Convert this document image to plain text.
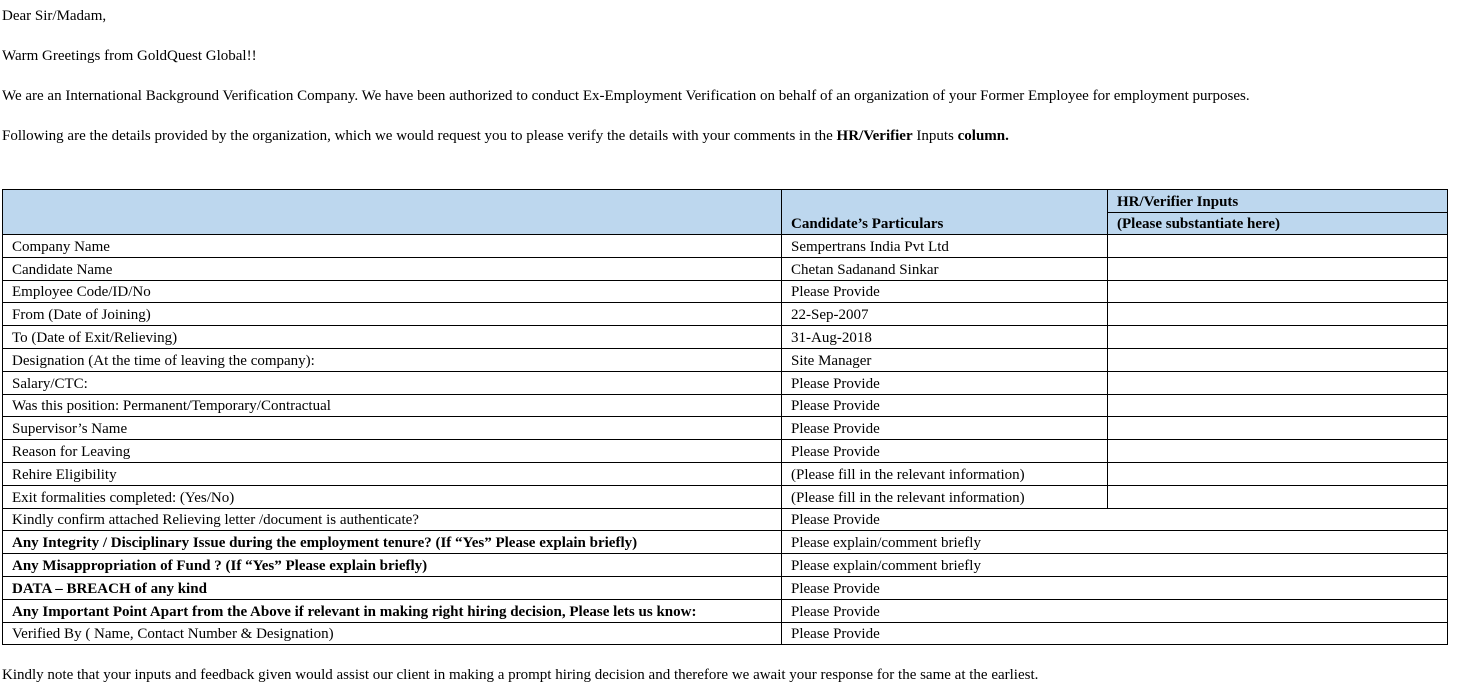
Dear Sir/Madam,
Warm Greetings from GoldQuest Global!!
We are an International Background Verification Company. We have been authorized to conduct Ex-Employment Verification on behalf of an organization of your Former Employee for employment purposes.
Following are the details provided by the organization, which we would request you to please verify the details with your comments in the HR/Verifier Inputs column.
	Candidate’s Particulars	HR/Verifier Inputs
		(Please substantiate here)
Company Name	Sempertrans India Pvt Ltd	
Candidate Name	Chetan Sadanand Sinkar	
Employee Code/ID/No	Please Provide	
From (Date of Joining)	22-Sep-2007	
To (Date of Exit/Relieving)	31-Aug-2018	
Designation (At the time of leaving the company):	Site Manager	
Salary/CTC:	Please Provide	
Was this position: Permanent/Temporary/Contractual	Please Provide	
Supervisor’s Name	Please Provide	
Reason for Leaving	Please Provide	
Rehire Eligibility	(Please fill in the relevant information)	
Exit formalities completed: (Yes/No)	(Please fill in the relevant information)	
Kindly confirm attached Relieving letter /document is authenticate?	Please Provide	
Any Integrity / Disciplinary Issue during the employment tenure? (If “Yes” Please explain briefly)	Please explain/comment briefly	
Any Misappropriation of Fund ? (If “Yes” Please explain briefly)	Please explain/comment briefly	
DATA – BREACH of any kind	Please Provide	
Any Important Point Apart from the Above if relevant in making right hiring decision, Please lets us know:	Please Provide	
Verified By ( Name, Contact Number & Designation)	Please Provide	
Kindly note that your inputs and feedback given would assist our client in making a prompt hiring decision and therefore we await your response for the same at the earliest.
